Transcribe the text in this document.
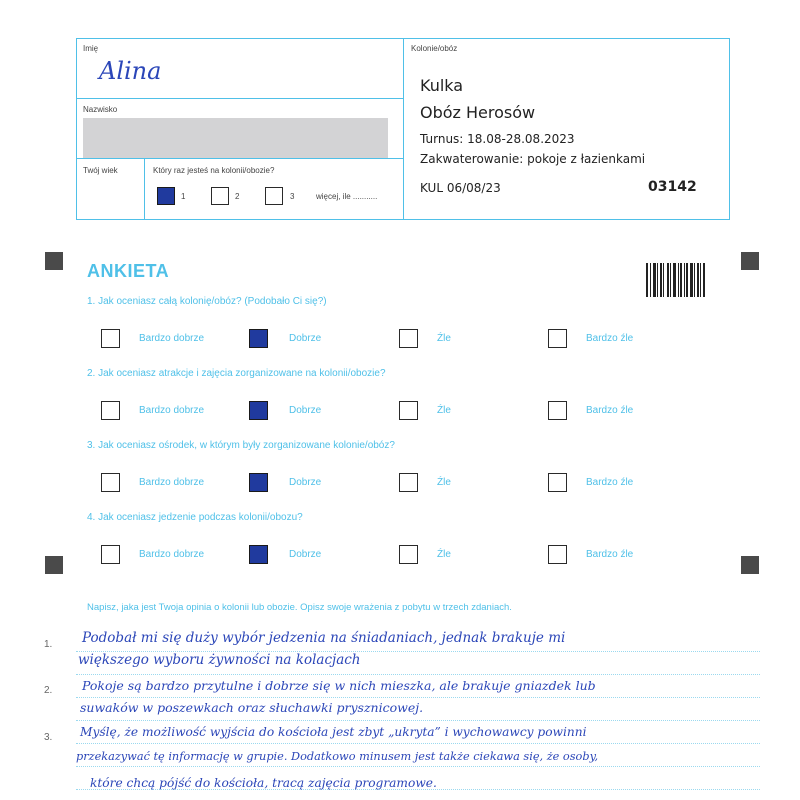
Imię
Alina
Nazwisko
Twój wiek	Który raz jesteś na kolonii/obozie?
1	2	3	więcej, ile ...........
Kolonie/obóz
Kulka
Obóz Herosów
Turnus: 18.08-28.08.2023
Zakwaterowanie: pokoje z łazienkami
KUL 06/08/23	03142
ANKIETA
1. Jak oceniasz całą kolonię/obóz? (Podobało Ci się?)
Bardzo dobrze	Dobrze	Źle	Bardzo źle
2. Jak oceniasz atrakcje i zajęcia zorganizowane na kolonii/obozie?
Bardzo dobrze	Dobrze	Źle	Bardzo źle
3. Jak oceniasz ośrodek, w którym były zorganizowane kolonie/obóz?
Bardzo dobrze	Dobrze	Źle	Bardzo źle
4. Jak oceniasz jedzenie podczas kolonii/obozu?
Bardzo dobrze	Dobrze	Źle	Bardzo źle
Napisz, jaka jest Twoja opinia o kolonii lub obozie. Opisz swoje wrażenia z pobytu w trzech zdaniach.
1.
2.
3.
Podobał mi się duży wybór jedzenia na śniadaniach, jednak brakuje mi
większego wyboru żywności na kolacjach
Pokoje są bardzo przytulne i dobrze się w nich mieszka, ale brakuje gniazdek lub
suwaków w poszewkach oraz słuchawki prysznicowej.
Myślę, że możliwość wyjścia do kościoła jest zbyt „ukryta” i wychowawcy powinni
przekazywać tę informację w grupie. Dodatkowo minusem jest także ciekawa się, że osoby,
które chcą pójść do kościoła, tracą zajęcia programowe.
